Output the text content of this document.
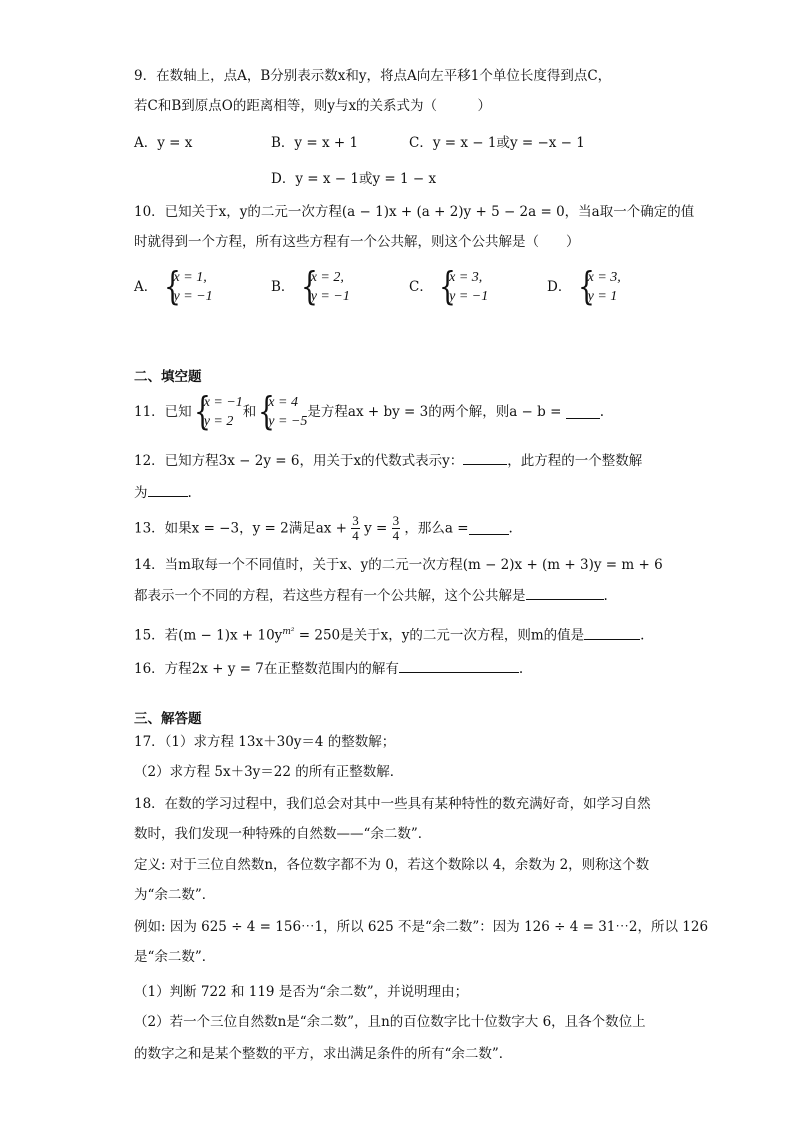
9．在数轴上，点A，B分别表示数x和y，将点A向左平移1个单位长度得到点C，
若C和B到原点O的距离相等，则y与x的关系式为（　　　）
A．y = x	B．y = x + 1	C．y = x − 1或y = −x − 1
D．y = x − 1或y = 1 − x
10．已知关于x，y的二元一次方程(a − 1)x + (a + 2)y + 5 − 2a = 0，当a取一个确定的值
时就得到一个方程，所有这些方程有一个公共解，则这个公共解是（　　）
A． {
x = 1,
y = −1
B． {
x = 2,
y = −1
C． {
x = 3,
y = −1
D． {
x = 3,
y = 1
二、填空题
11．已知 {
x = −1
y = 2
和 {
x = 4
y = −5
是方程ax + by = 3的两个解，则a − b =	.
12．已知方程3x − 2y = 6，用关于x的代数式表示y：	，此方程的一个整数解
为	.
13．如果x = −3，y = 2满足ax + $\frac{3}{4}$ $y = \frac{3}{4}$ ，那么a =	.
14．当m取每一个不同值时，关于x、y的二元一次方程(m − 2)x + (m + 3)y = m + 6
都表示一个不同的方程，若这些方程有一个公共解，这个公共解是	.
15．若$(m - 1)x + 10y^{m^2} = 250$是关于x，y的二元一次方程，则m的值是	.
16．方程2x + y = 7在正整数范围内的解有	.
三、解答题
17．（1）求方程 13x＋30y＝4 的整数解；
（2）求方程 5x＋3y＝22 的所有正整数解．
18．在数的学习过程中，我们总会对其中一些具有某种特性的数充满好奇，如学习自然
数时，我们发现一种特殊的自然数——“余二数”．
定义: 对于三位自然数n，各位数字都不为 0，若这个数除以 4，余数为 2，则称这个数
为“余二数”．
例如: 因为 625 ÷ 4 = 156⋯1，所以 625 不是“余二数”：因为 126 ÷ 4 = 31⋯2，所以 126
是“余二数”．
（1）判断 722 和 119 是否为“余二数”，并说明理由；
（2）若一个三位自然数n是“余二数”，且n的百位数字比十位数字大 6，且各个数位上
的数字之和是某个整数的平方，求出满足条件的所有“余二数”．
